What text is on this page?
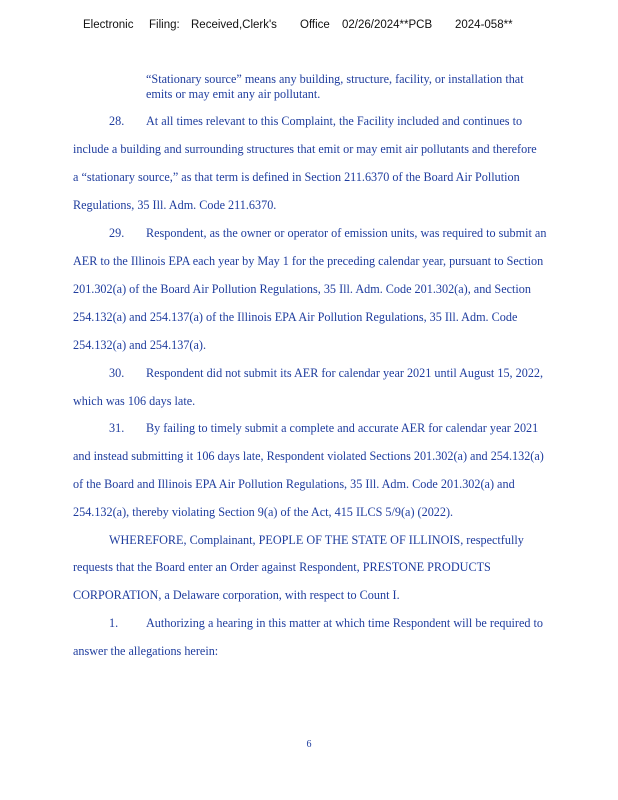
Electronic Filing: Received,Clerk's Office 02/26/2024**PCB 2024-058**
“Stationary source” means any building, structure, facility, or installation that
emits or may emit any air pollutant.
28. At all times relevant to this Complaint, the Facility included and continues to
include a building and surrounding structures that emit or may emit air pollutants and therefore
a “stationary source,” as that term is defined in Section 211.6370 of the Board Air Pollution
Regulations, 35 Ill. Adm. Code 211.6370.
29. Respondent, as the owner or operator of emission units, was required to submit an
AER to the Illinois EPA each year by May 1 for the preceding calendar year, pursuant to Section
201.302(a) of the Board Air Pollution Regulations, 35 Ill. Adm. Code 201.302(a), and Section
254.132(a) and 254.137(a) of the Illinois EPA Air Pollution Regulations, 35 Ill. Adm. Code
254.132(a) and 254.137(a).
30. Respondent did not submit its AER for calendar year 2021 until August 15, 2022,
which was 106 days late.
31. By failing to timely submit a complete and accurate AER for calendar year 2021
and instead submitting it 106 days late, Respondent violated Sections 201.302(a) and 254.132(a)
of the Board and Illinois EPA Air Pollution Regulations, 35 Ill. Adm. Code 201.302(a) and
254.132(a), thereby violating Section 9(a) of the Act, 415 ILCS 5/9(a) (2022).
WHEREFORE, Complainant, PEOPLE OF THE STATE OF ILLINOIS, respectfully
requests that the Board enter an Order against Respondent, PRESTONE PRODUCTS
CORPORATION, a Delaware corporation, with respect to Count I.
1. Authorizing a hearing in this matter at which time Respondent will be required to
answer the allegations herein:
6
